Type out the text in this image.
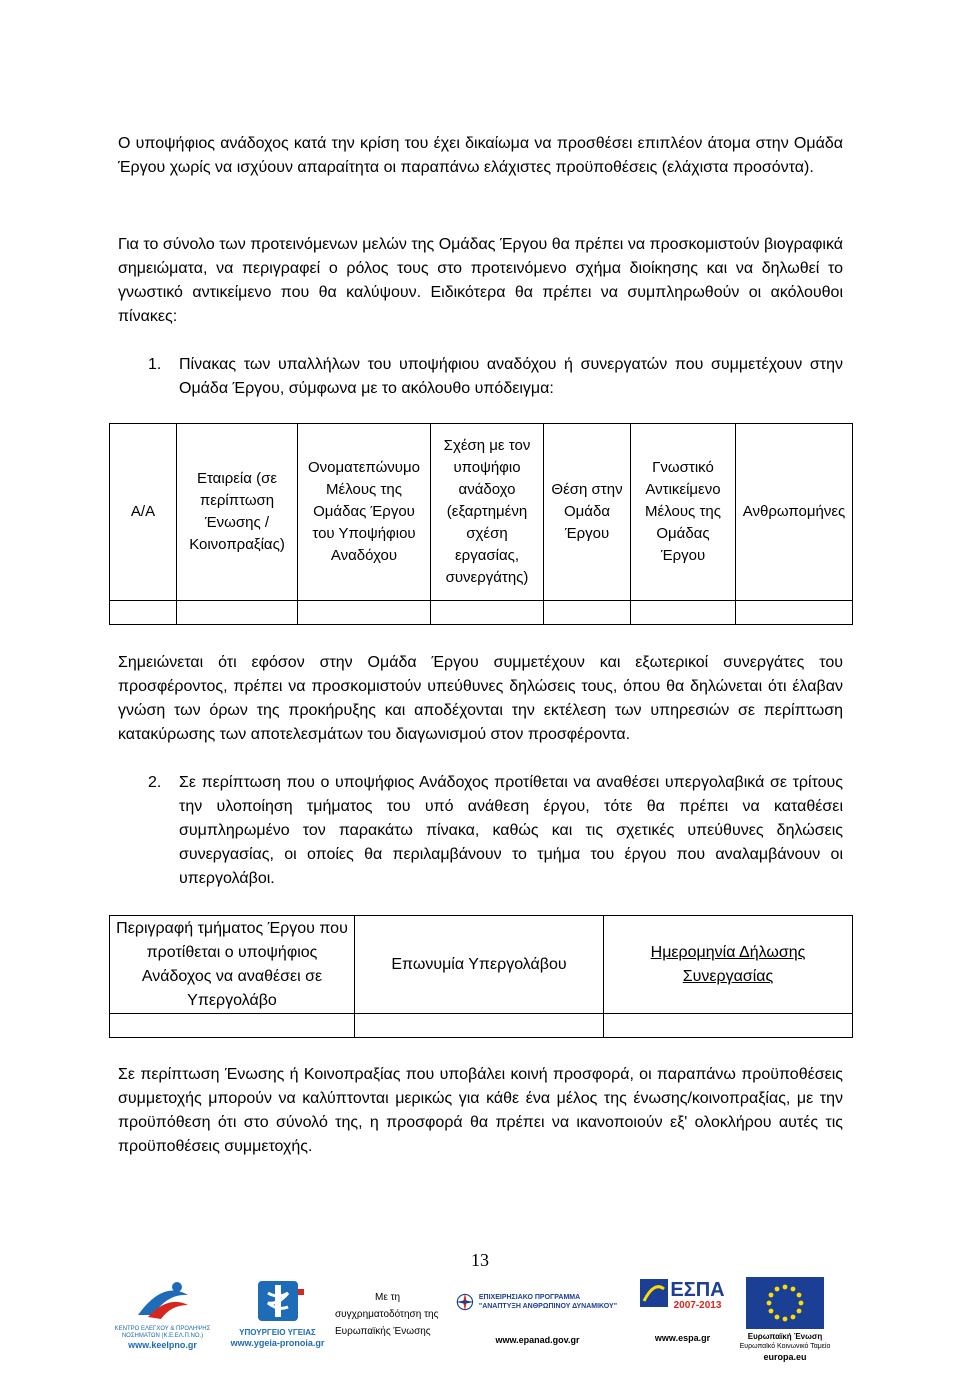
Ο υποψήφιος ανάδοχος κατά την κρίση του έχει δικαίωμα να προσθέσει επιπλέον άτομα στην Ομάδα Έργου χωρίς να ισχύουν απαραίτητα οι παραπάνω ελάχιστες προϋποθέσεις (ελάχιστα προσόντα).
Για το σύνολο των προτεινόμενων μελών της Ομάδας Έργου θα πρέπει να προσκομιστούν βιογραφικά σημειώματα, να περιγραφεί ο ρόλος τους στο προτεινόμενο σχήμα διοίκησης και να δηλωθεί το γνωστικό αντικείμενο που θα καλύψουν. Ειδικότερα θα πρέπει να συμπληρωθούν οι ακόλουθοι πίνακες:
1. Πίνακας των υπαλλήλων του υποψήφιου αναδόχου ή συνεργατών που συμμετέχουν στην Ομάδα Έργου, σύμφωνα με το ακόλουθο υπόδειγμα:
Α/Α	Εταιρεία (σε περίπτωση Ένωσης / Κοινοπραξίας)	Ονοματεπώνυμο Μέλους της Ομάδας Έργου του Υποψήφιου Αναδόχου	Σχέση με τον υποψήφιο ανάδοχο (εξαρτημένη σχέση εργασίας, συνεργάτης)	Θέση στην Ομάδα Έργου	Γνωστικό Αντικείμενο Μέλους της Ομάδας Έργου	Ανθρωπομήνες

Σημειώνεται ότι εφόσον στην Ομάδα Έργου συμμετέχουν και εξωτερικοί συνεργάτες του προσφέροντος, πρέπει να προσκομιστούν υπεύθυνες δηλώσεις τους, όπου θα δηλώνεται ότι έλαβαν γνώση των όρων της προκήρυξης και αποδέχονται την εκτέλεση των υπηρεσιών σε περίπτωση κατακύρωσης των αποτελεσμάτων του διαγωνισμού στον προσφέροντα.
2. Σε περίπτωση που ο υποψήφιος Ανάδοχος προτίθεται να αναθέσει υπεργολαβικά σε τρίτους την υλοποίηση τμήματος του υπό ανάθεση έργου, τότε θα πρέπει να καταθέσει συμπληρωμένο τον παρακάτω πίνακα, καθώς και τις σχετικές υπεύθυνες δηλώσεις συνεργασίας, οι οποίες θα περιλαμβάνουν το τμήμα του έργου που αναλαμβάνουν οι υπεργολάβοι.
Περιγραφή τμήματος Έργου που προτίθεται ο υποψήφιος Ανάδοχος να αναθέσει σε Υπεργολάβο	Επωνυμία Υπεργολάβου	Ημερομηνία Δήλωσης Συνεργασίας

Σε περίπτωση Ένωσης ή Κοινοπραξίας που υποβάλει κοινή προσφορά, οι παραπάνω προϋποθέσεις συμμετοχής μπορούν να καλύπτονται μερικώς για κάθε ένα μέλος της ένωσης/κοινοπραξίας, με την προϋπόθεση ότι στο σύνολό της, η προσφορά θα πρέπει να ικανοποιούν εξ' ολοκλήρου αυτές τις προϋποθέσεις συμμετοχής.
13
ΚΕΝΤΡΟ ΕΛΕΓΧΟΥ & ΠΡΟΛΗΨΗΣ ΝΟΣΗΜΑΤΩΝ (Κ.Ε.ΕΛ.Π.ΝΟ.)
www.keelpno.gr
ΥΠΟΥΡΓΕΙΟ ΥΓΕΙΑΣ
www.ygeia-pronoia.gr
Με τη
συγχρηματοδότηση της
Ευρωπαϊκής Ένωσης
ΕΠΙΧΕΙΡΗΣΙΑΚΟ ΠΡΟΓΡΑΜΜΑ "ΑΝΑΠΤΥΞΗ ΑΝΘΡΩΠΙΝΟΥ ΔΥΝΑΜΙΚΟΥ"
www.epanad.gov.gr
ΕΣΠΑ
2007-2013
www.espa.gr	Ευρωπαϊκή Ένωση
Ευρωπαϊκό Κοινωνικό Ταμείο
europa.eu
